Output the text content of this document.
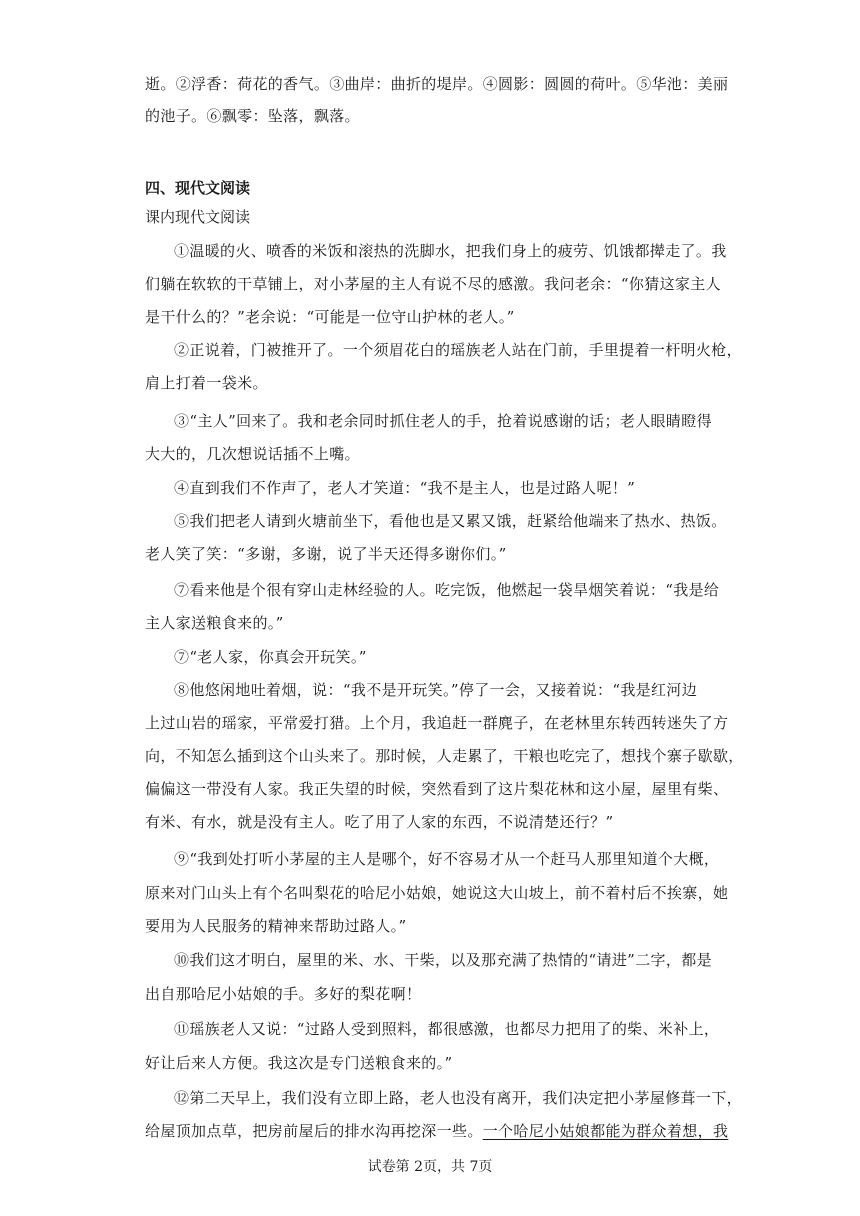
逝。②浮香：荷花的香气。③曲岸：曲折的堤岸。④圆影：圆圆的荷叶。⑤华池：美丽
的池子。⑥飘零：坠落，飘落。
四、现代文阅读
课内现代文阅读
①温暖的火、喷香的米饭和滚热的洗脚水，把我们身上的疲劳、饥饿都撵走了。我
们躺在软软的干草铺上，对小茅屋的主人有说不尽的感激。我问老余：“你猜这家主人
是干什么的？”老余说：“可能是一位守山护林的老人。”
②正说着，门被推开了。一个须眉花白的瑶族老人站在门前，手里提着一杆明火枪，
肩上打着一袋米。
③“主人”回来了。我和老余同时抓住老人的手，抢着说感谢的话；老人眼睛瞪得
大大的，几次想说话插不上嘴。
④直到我们不作声了，老人才笑道：“我不是主人，也是过路人呢！”
⑤我们把老人请到火塘前坐下，看他也是又累又饿，赶紧给他端来了热水、热饭。
老人笑了笑：“多谢，多谢，说了半天还得多谢你们。”
⑦看来他是个很有穿山走林经验的人。吃完饭，他燃起一袋旱烟笑着说：“我是给
主人家送粮食来的。”
⑦“老人家，你真会开玩笑。”
⑧他悠闲地吐着烟，说：“我不是开玩笑。”停了一会，又接着说：“我是红河边
上过山岩的瑶家，平常爱打猎。上个月，我追赶一群麂子，在老林里东转西转迷失了方
向，不知怎么插到这个山头来了。那时候，人走累了，干粮也吃完了，想找个寨子歇歇，
偏偏这一带没有人家。我正失望的时候，突然看到了这片梨花林和这小屋，屋里有柴、
有米、有水，就是没有主人。吃了用了人家的东西，不说清楚还行？”
⑨“我到处打听小茅屋的主人是哪个，好不容易才从一个赶马人那里知道个大概，
原来对门山头上有个名叫梨花的哈尼小姑娘，她说这大山坡上，前不着村后不挨寨，她
要用为人民服务的精神来帮助过路人。”
⑩我们这才明白，屋里的米、水、干柴，以及那充满了热情的“请进”二字，都是
出自那哈尼小姑娘的手。多好的梨花啊！
⑪瑶族老人又说：“过路人受到照料，都很感激，也都尽力把用了的柴、米补上，
好让后来人方便。我这次是专门送粮食来的。”
⑫第二天早上，我们没有立即上路，老人也没有离开，我们决定把小茅屋修葺一下，
给屋顶加点草，把房前屋后的排水沟再挖深一些。一个哈尼小姑娘都能为群众着想，我
试卷第 2页，共 7页
